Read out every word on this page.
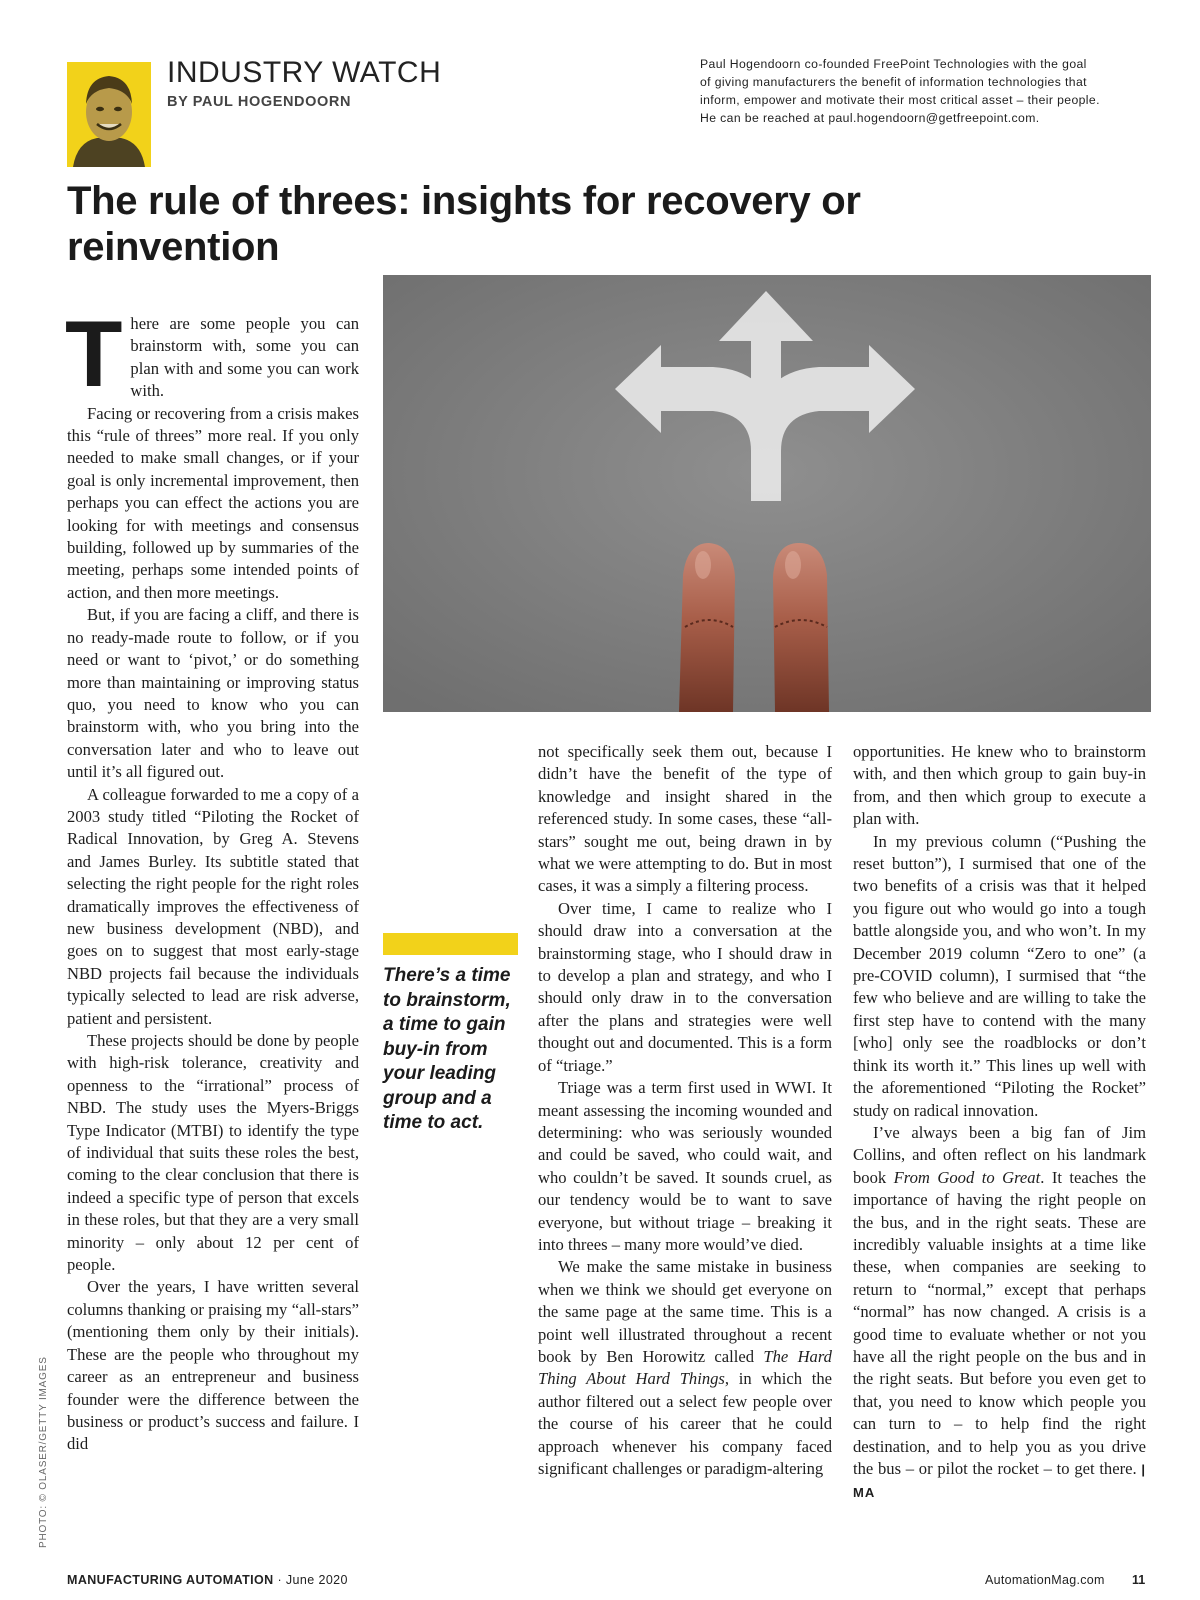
INDUSTRY WATCH
BY PAUL HOGENDOORN

Paul Hogendoorn co-founded FreePoint Technologies with the goal

of giving manufacturers the benefit of information technologies that

inform, empower and motivate their most critical asset – their people.

He can be reached at paul.hogendoorn@getfreepoint.com.

The rule of threes: insights for recovery or
reinvention

There are some people you can brainstorm with, some you can plan with and some you can work with.

Facing or recovering from a crisis makes this “rule of threes” more real. If you only needed to make small changes, or if your goal is only incremental improvement, then perhaps you can effect the actions you are looking for with meetings and consensus building, followed up by summaries of the meeting, perhaps some intended points of action, and then more meetings.

But, if you are facing a cliff, and there is no ready-made route to follow, or if you need or want to ‘pivot,’ or do something more than maintaining or improving status quo, you need to know who you can brainstorm with, who you bring into the conversation later and who to leave out until it’s all figured out.

A colleague forwarded to me a copy of a 2003 study titled “Piloting the Rocket of Radical Innovation, by Greg A. Stevens and James Burley. Its subtitle stated that selecting the right people for the right roles dramatically improves the effectiveness of new business development (NBD), and goes on to suggest that most early-stage NBD projects fail because the individuals typically selected to lead are risk adverse, patient and persistent.

These projects should be done by people with high-risk tolerance, creativity and openness to the “irrational” process of NBD. The study uses the Myers-Briggs Type Indicator (MTBI) to identify the type of individual that suits these roles the best, coming to the clear conclusion that there is indeed a specific type of person that excels in these roles, but that they are a very small minority – only about 12 per cent of people.

Over the years, I have written several columns thanking or praising my “all-stars” (mentioning them only by their initials). These are the people who throughout my career as an entrepreneur and business founder were the difference between the business or product’s success and failure. I did

There’s a time to brainstorm, a time to gain buy-in from your leading group and a time to act.

not specifically seek them out, because I didn’t have the benefit of the type of knowledge and insight shared in the referenced study. In some cases, these “all-stars” sought me out, being drawn in by what we were attempting to do. But in most cases, it was a simply a filtering process.

Over time, I came to realize who I should draw into a conversation at the brainstorming stage, who I should draw in to develop a plan and strategy, and who I should only draw in to the conversation after the plans and strategies were well thought out and documented. This is a form of “triage.”

Triage was a term first used in WWI. It meant assessing the incoming wounded and determining: who was seriously wounded and could be saved, who could wait, and who couldn’t be saved. It sounds cruel, as our tendency would be to want to save everyone, but without triage – breaking it into threes – many more would’ve died.

We make the same mistake in business when we think we should get everyone on the same page at the same time. This is a point well illustrated throughout a recent book by Ben Horowitz called The Hard Thing About Hard Things, in which the author filtered out a select few people over the course of his career that he could approach whenever his company faced significant challenges or paradigm-altering

opportunities. He knew who to brainstorm with, and then which group to gain buy-in from, and then which group to execute a plan with.

In my previous column (“Pushing the reset button”), I surmised that one of the two benefits of a crisis was that it helped you figure out who would go into a tough battle alongside you, and who won’t. In my December 2019 column “Zero to one” (a pre-COVID column), I surmised that “the few who believe and are willing to take the first step have to contend with the many [who] only see the roadblocks or don’t think its worth it.” This lines up well with the aforementioned “Piloting the Rocket” study on radical innovation.

I’ve always been a big fan of Jim Collins, and often reflect on his landmark book From Good to Great. It teaches the importance of having the right people on the bus, and in the right seats. These are incredibly valuable insights at a time like these, when companies are seeking to return to “normal,” except that perhaps “normal” has now changed. A crisis is a good time to evaluate whether or not you have all the right people on the bus and in the right seats. But before you even get to that, you need to know which people you can turn to – to help find the right destination, and to help you as you drive the bus – or pilot the rocket – to get there. | MA

PHOTO: © OLASER/GETTY IMAGES
MANUFACTURING AUTOMATION · June 2020	AutomationMag.com 11
